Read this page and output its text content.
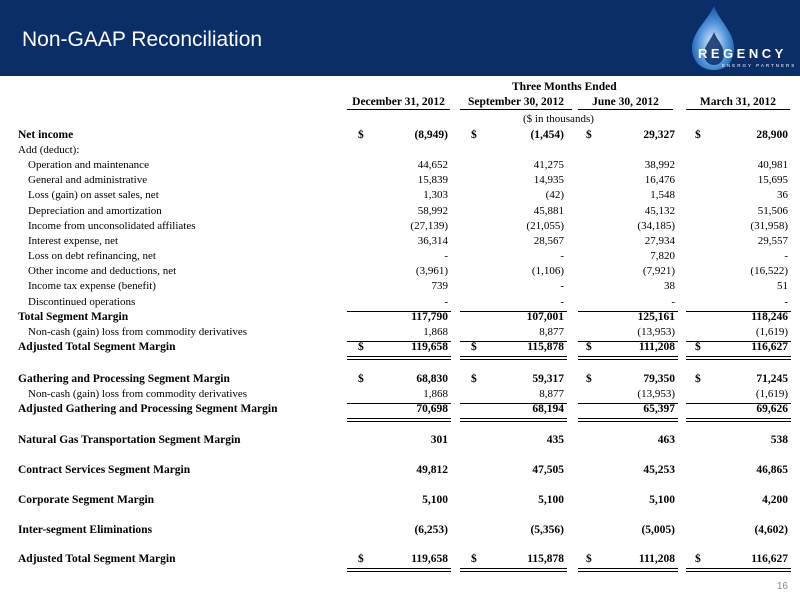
Non-GAAP Reconciliation
REGENCY
ENERGY PARTNERS
Three Months Ended
December 31, 2012	September 30, 2012	June 30, 2012	March 31, 2012
($ in thousands)
Net income	$	(8,949) $	(1,454) $	29,327 $	28,900
Add (deduct):
Operation and maintenance	44,652	41,275	38,992	40,981
General and administrative	15,839	14,935	16,476	15,695
Loss (gain) on asset sales, net	1,303	(42)	1,548	36
Depreciation and amortization	58,992	45,881	45,132	51,506
Income from unconsolidated affiliates	(27,139)	(21,055)	(34,185)	(31,958)
Interest expense, net	36,314	28,567	27,934	29,557
Loss on debt refinancing, net	-	-	7,820	-
Other income and deductions, net	(3,961)	(1,106)	(7,921)	(16,522)
Income tax expense (benefit)	739	-	38	51
Discontinued operations	-	-	-	-
Total Segment Margin	117,790	107,001	125,161	118,246
Non-cash (gain) loss from commodity derivatives	1,868	8,877	(13,953)	(1,619)
Adjusted Total Segment Margin	$	119,658 $	115,878 $	111,208 $	116,627
Gathering and Processing Segment Margin	$	68,830 $	59,317 $	79,350 $	71,245
Non-cash (gain) loss from commodity derivatives	1,868	8,877	(13,953)	(1,619)
Adjusted Gathering and Processing Segment Margin	70,698	68,194	65,397	69,626
Natural Gas Transportation Segment Margin	301	435	463	538
Contract Services Segment Margin	49,812	47,505	45,253	46,865
Corporate Segment Margin	5,100	5,100	5,100	4,200
Inter-segment Eliminations	(6,253)	(5,356)	(5,005)	(4,602)
Adjusted Total Segment Margin	$	119,658 $	115,878 $	111,208 $	116,627
16
